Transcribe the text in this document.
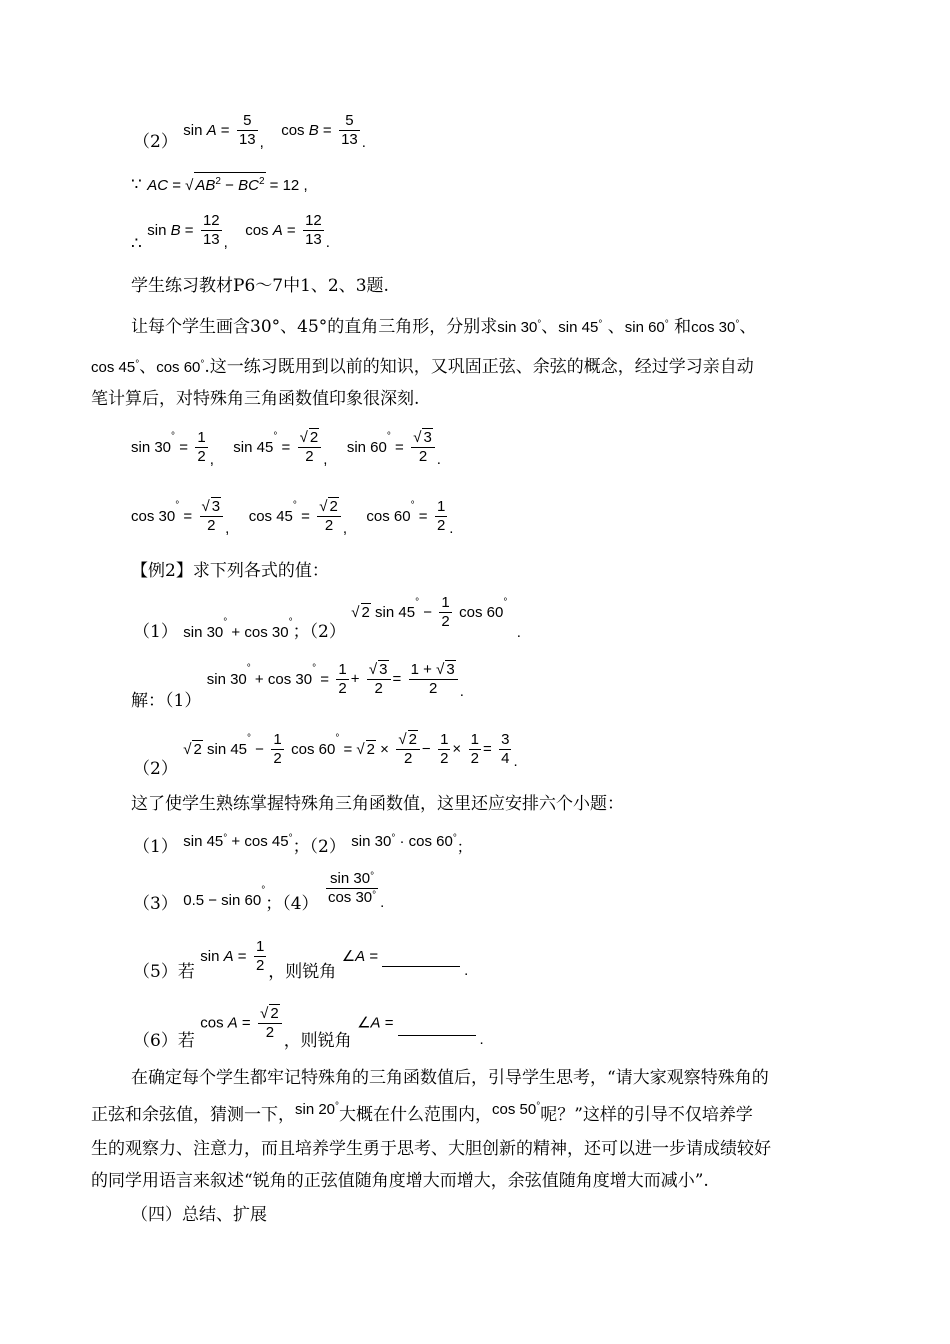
（2） $\sin A = \frac{5}{13}$ , $\cos B = \frac{5}{13}$ .
∵ AC = √ $AB^2 - BC^2 = 12$ ,
∴ $\sin B = \frac{12}{13}$ , $\cos A = \frac{12}{13}$ .
学生练习教材P6～7中1、2、3题.
让每个学生画含30°、45°的直角三角形，分别求sin 30°、sin 45° 、sin 60° 和cos 30°、
cos 45°、cos 60°.这一练习既用到以前的知识，又巩固正弦、余弦的概念，经过学习亲自动
笔计算后，对特殊角三角函数值印象很深刻.
$\sin 30^\circ = \frac{1}{2}$ , $\sin 45^\circ = \frac{√ 2}{2}$ , $\sin 60^\circ = \frac{√ 3}{2}$ .
$\cos 30^\circ = \frac{√ 3}{2}$ , $\cos 45^\circ = \frac{√ 2}{2}$ , $\cos 60^\circ = \frac{1}{2}$ .
【例2】求下列各式的值：
（1） sin 30° + cos 30°；（2） √ 2 $\sin 45^\circ - \frac{1}{2}$ cos 60° .
解：（1） $\sin 30^\circ + \cos 30^\circ = \frac{1}{2} + \frac{√ 3}{2} = \frac{1 + √ 3}{2}$ .
（2） √ 2 $\sin 45^\circ - \frac{1}{2}$ cos 60° = √ $2 \times \frac{√ 2}{2} - \frac{1}{2} \times \frac{1}{2} = \frac{3}{4}$ .
这了使学生熟练掌握特殊角三角函数值，这里还应安排六个小题：
（1） sin 45° + cos 45°；（2） sin 30° · cos 60°；
（3） 0.5 − sin 60°；$(4) \frac{\sin 30^\circ}{\cos 30^\circ}$ .
（5）若 $\sin A = \frac{1}{2}$ ，则锐角 ∠A =.
（6）若 $\cos A = \frac{√ 2}{2}$ ，则锐角 ∠A =.
在确定每个学生都牢记特殊角的三角函数值后，引导学生思考，“请大家观察特殊角的
正弦和余弦值，猜测一下，sin 20°大概在什么范围内，cos 50°呢？”这样的引导不仅培养学
生的观察力、注意力，而且培养学生勇于思考、大胆创新的精神，还可以进一步请成绩较好
的同学用语言来叙述“锐角的正弦值随角度增大而增大，余弦值随角度增大而减小”.
（四）总结、扩展
